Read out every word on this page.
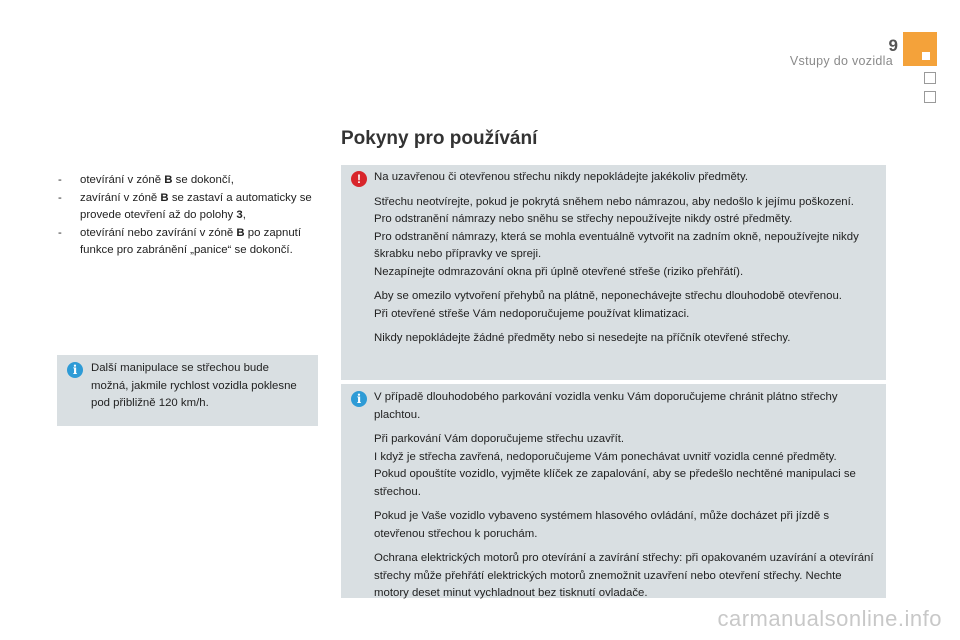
9
Vstupy do vozidla
Pokyny pro používání
- otevírání v zóně B se dokončí,
- zavírání v zóně B se zastaví a automaticky se provede otevření až do polohy 3,
- otevírání nebo zavírání v zóně B po zapnutí funkce pro zabránění „panice“ se dokončí.
i	Další manipulace se střechou bude možná, jakmile rychlost vozidla poklesne pod přibližně 120 km/h.

!	Na uzavřenou či otevřenou střechu nikdy nepokládejte jakékoliv předměty.

Střechu neotvírejte, pokud je pokrytá sněhem nebo námrazou, aby nedošlo k jejímu poškození.
Pro odstranění námrazy nebo sněhu se střechy nepoužívejte nikdy ostré předměty.
Pro odstranění námrazy, která se mohla eventuálně vytvořit na zadním okně, nepoužívejte nikdy škrabku nebo přípravky ve spreji.
Nezapínejte odmrazování okna při úplně otevřené střeše (riziko přehřátí).

Aby se omezilo vytvoření přehybů na plátně, neponechávejte střechu dlouhodobě otevřenou.
Při otevřené střeše Vám nedoporučujeme používat klimatizaci.

Nikdy nepokládejte žádné předměty nebo si nesedejte na příčník otevřené střechy.

i	V případě dlouhodobého parkování vozidla venku Vám doporučujeme chránit plátno střechy plachtou.

Při parkování Vám doporučujeme střechu uzavřít.
I když je střecha zavřená, nedoporučujeme Vám ponechávat uvnitř vozidla cenné předměty.
Pokud opouštíte vozidlo, vyjměte klíček ze zapalování, aby se předešlo nechtěné manipulaci se střechou.

Pokud je Vaše vozidlo vybaveno systémem hlasového ovládání, může docházet při jízdě s otevřenou střechou k poruchám.

Ochrana elektrických motorů pro otevírání a zavírání střechy: při opakovaném uzavírání a otevírání střechy může přehřátí elektrických motorů znemožnit uzavření nebo otevření střechy. Nechte motory deset minut vychladnout bez tisknutí ovladače.

carmanualsonline.info
